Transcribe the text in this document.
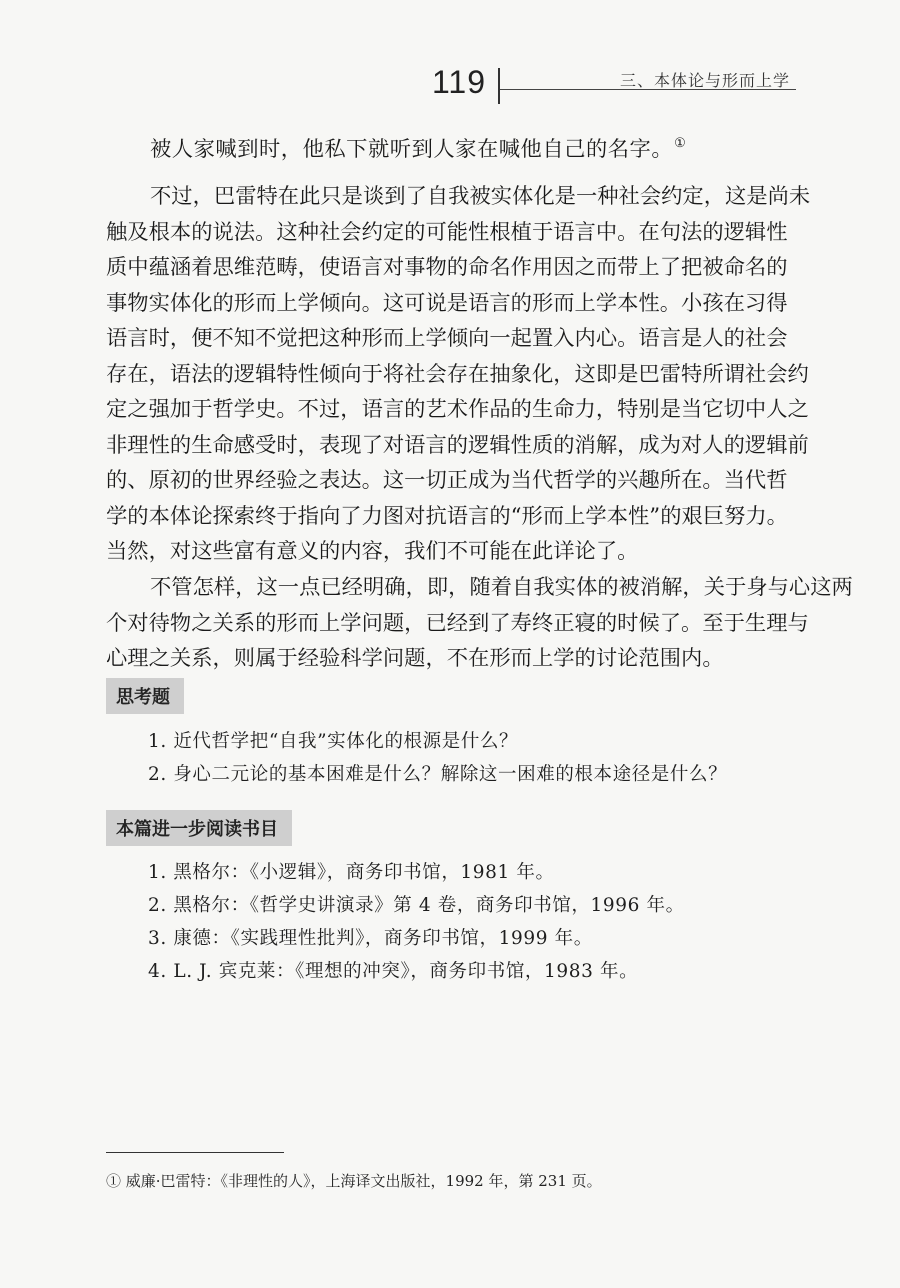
119	三、本体论与形而上学

被人家喊到时，他私下就听到人家在喊他自己的名字。①

不过，巴雷特在此只是谈到了自我被实体化是一种社会约定，这是尚未
触及根本的说法。这种社会约定的可能性根植于语言中。在句法的逻辑性
质中蕴涵着思维范畴，使语言对事物的命名作用因之而带上了把被命名的
事物实体化的形而上学倾向。这可说是语言的形而上学本性。小孩在习得
语言时，便不知不觉把这种形而上学倾向一起置入内心。语言是人的社会
存在，语法的逻辑特性倾向于将社会存在抽象化，这即是巴雷特所谓社会约
定之强加于哲学史。不过，语言的艺术作品的生命力，特别是当它切中人之
非理性的生命感受时，表现了对语言的逻辑性质的消解，成为对人的逻辑前
的、原初的世界经验之表达。这一切正成为当代哲学的兴趣所在。当代哲
学的本体论探索终于指向了力图对抗语言的“形而上学本性”的艰巨努力。
当然，对这些富有意义的内容，我们不可能在此详论了。

不管怎样，这一点已经明确，即，随着自我实体的被消解，关于身与心这两
个对待物之关系的形而上学问题，已经到了寿终正寝的时候了。至于生理与
心理之关系，则属于经验科学问题，不在形而上学的讨论范围内。

思考题
1. 近代哲学把“自我”实体化的根源是什么？
2. 身心二元论的基本困难是什么？解除这一困难的根本途径是什么？
本篇进一步阅读书目
1. 黑格尔：《小逻辑》，商务印书馆，1981 年。
2. 黑格尔：《哲学史讲演录》第 4 卷，商务印书馆，1996 年。
3. 康德：《实践理性批判》，商务印书馆，1999 年。
4. L. J. 宾克莱：《理想的冲突》，商务印书馆，1983 年。
① 威廉·巴雷特：《非理性的人》，上海译文出版社，1992 年，第 231 页。
